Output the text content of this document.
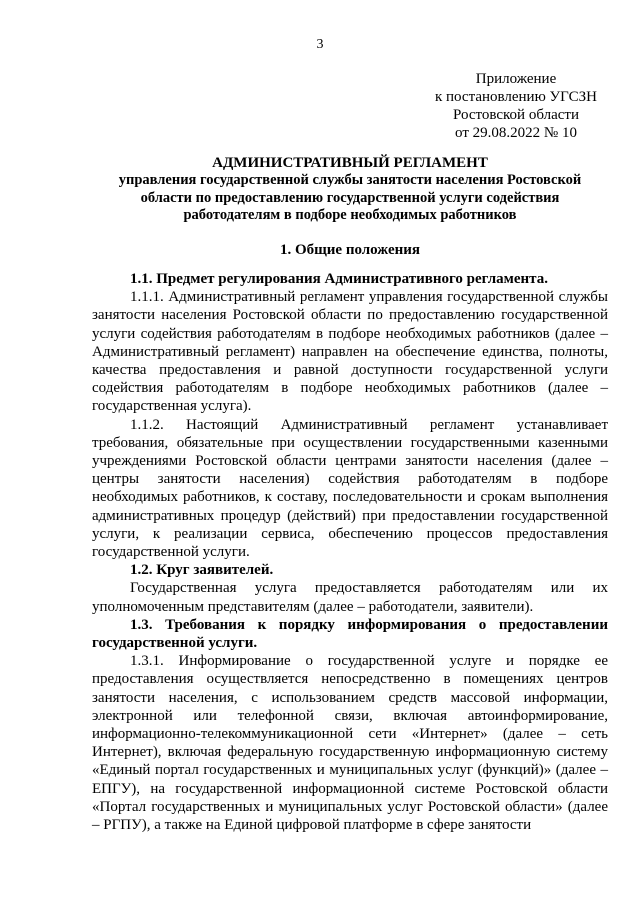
3
Приложение
к постановлению УГСЗН
Ростовской области
от 29.08.2022 № 10
АДМИНИСТРАТИВНЫЙ РЕГЛАМЕНТ
управления государственной службы занятости населения Ростовской области по предоставлению государственной услуги содействия работодателям в подборе необходимых работников
1. Общие положения

1.1. Предмет регулирования Административного регламента.

1.1.1. Административный регламент управления государственной службы занятости населения Ростовской области по предоставлению государственной услуги содействия работодателям в подборе необходимых работников (далее – Административный регламент) направлен на обеспечение единства, полноты, качества предоставления и равной доступности государственной услуги содействия работодателям в подборе необходимых работников (далее – государственная услуга).

1.1.2. Настоящий Административный регламент устанавливает требования, обязательные при осуществлении государственными казенными учреждениями Ростовской области центрами занятости населения (далее – центры занятости населения) содействия работодателям в подборе необходимых работников, к составу, последовательности и срокам выполнения административных процедур (действий) при предоставлении государственной услуги, к реализации сервиса, обеспечению процессов предоставления государственной услуги.

1.2. Круг заявителей.

Государственная услуга предоставляется работодателям или их уполномоченным представителям (далее – работодатели, заявители).

1.3. Требования к порядку информирования о предоставлении государственной услуги.

1.3.1. Информирование о государственной услуге и порядке ее предоставления осуществляется непосредственно в помещениях центров занятости населения, с использованием средств массовой информации, электронной или телефонной связи, включая автоинформирование, информационно-телекоммуникационной сети «Интернет» (далее – сеть Интернет), включая федеральную государственную информационную систему «Единый портал государственных и муниципальных услуг (функций)» (далее – ЕПГУ), на государственной информационной системе Ростовской области «Портал государственных и муниципальных услуг Ростовской области» (далее – РГПУ), а также на Единой цифровой платформе в сфере занятости
